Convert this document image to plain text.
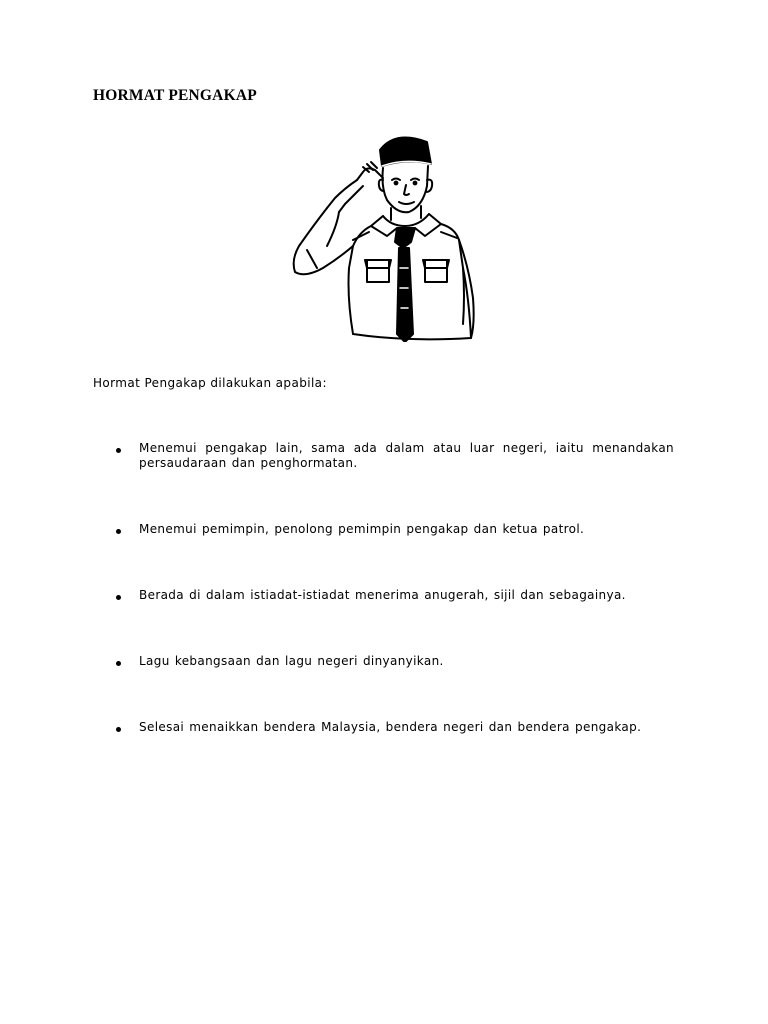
HORMAT PENGAKAP
Hormat Pengakap dilakukan apabila:
Menemui pengakap lain, sama ada dalam atau luar negeri, iaitu menandakan persaudaraan dan penghormatan.
Menemui pemimpin, penolong pemimpin pengakap dan ketua patrol.
Berada di dalam istiadat-istiadat menerima anugerah, sijil dan sebagainya.
Lagu kebangsaan dan lagu negeri dinyanyikan.
Selesai menaikkan bendera Malaysia, bendera negeri dan bendera pengakap.
